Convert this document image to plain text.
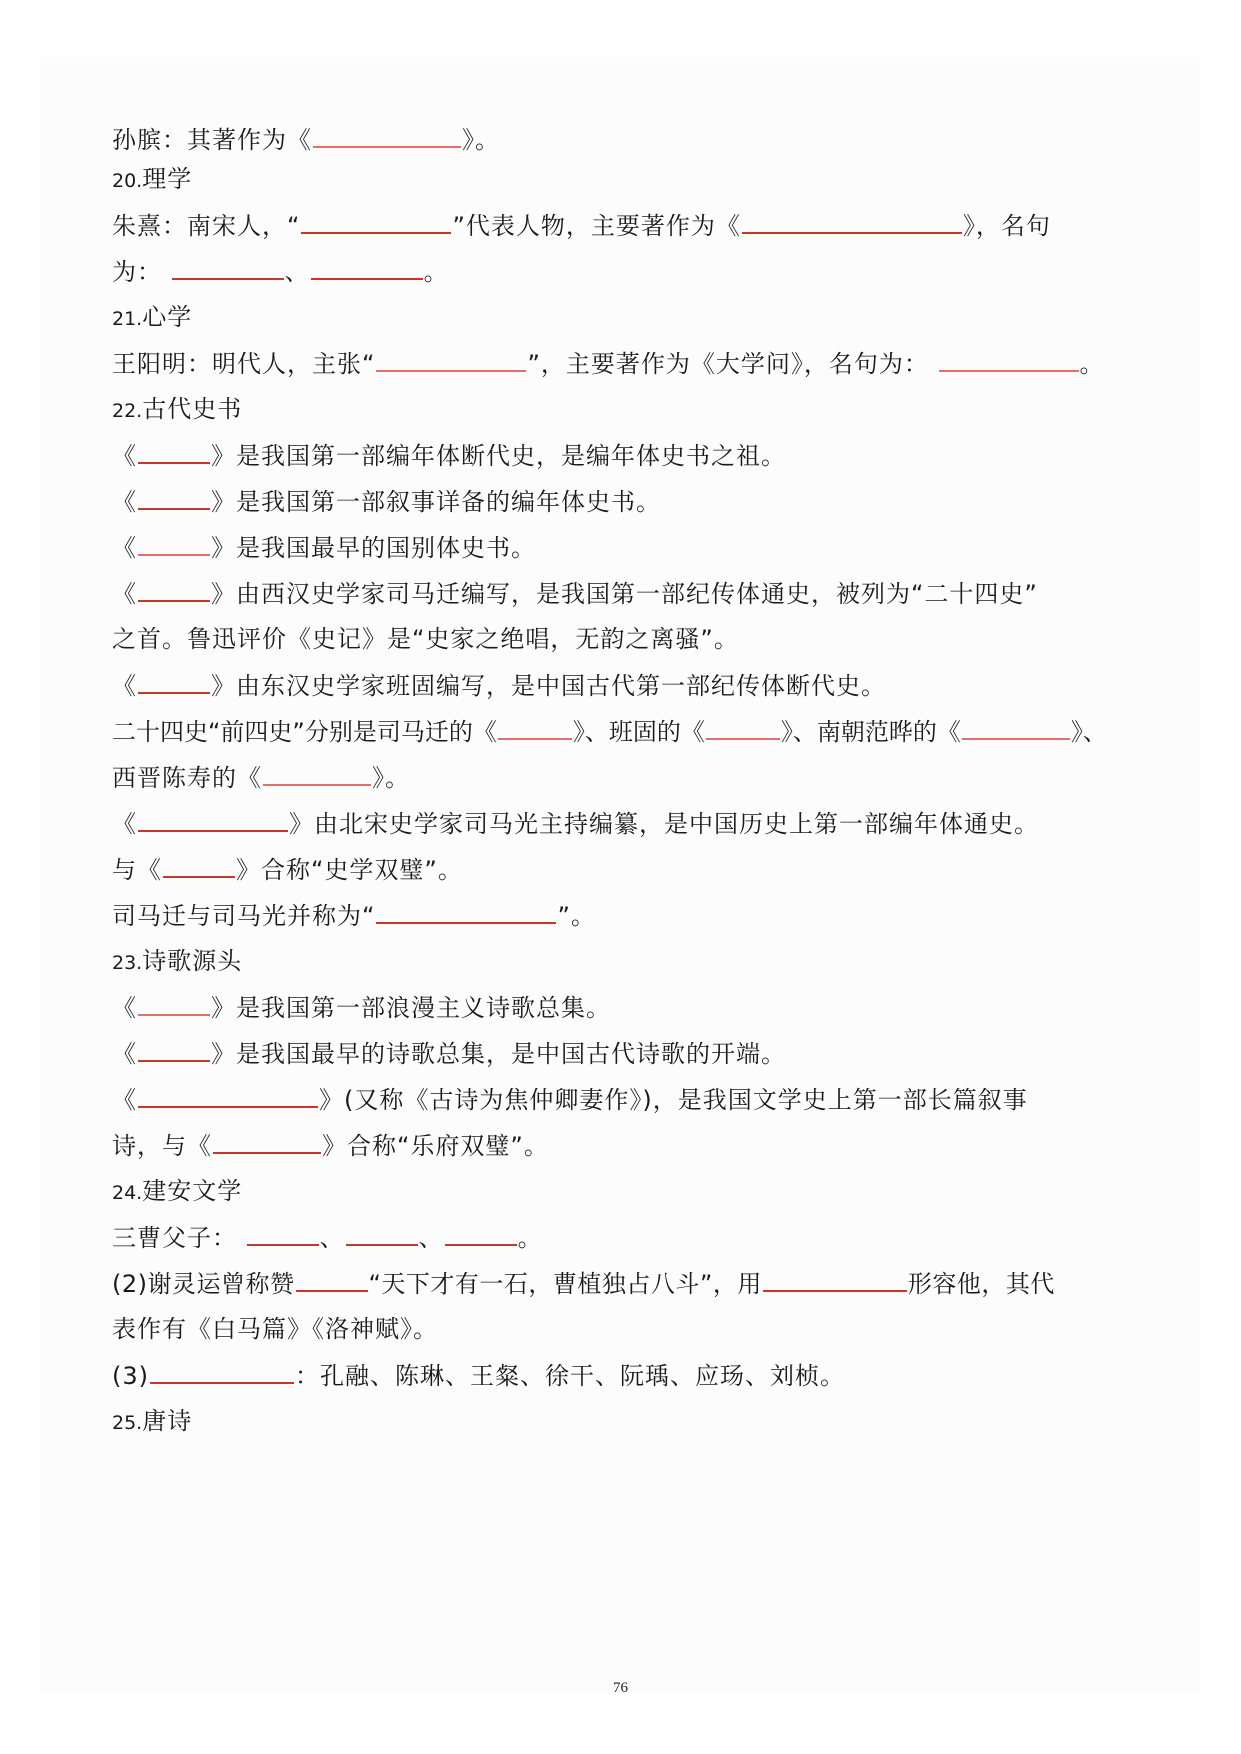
孙膑：其著作为《	》。
20.理学
朱熹：南宋人，“	”代表人物，主要著作为《	》，名句
为：	、	。
21.心学
王阳明：明代人，主张“	”，主要著作为《大学问》，名句为：	。
22.古代史书
《	》是我国第一部编年体断代史，是编年体史书之祖。
《	》是我国第一部叙事详备的编年体史书。
《	》是我国最早的国别体史书。
《	》由西汉史学家司马迁编写，是我国第一部纪传体通史，被列为“二十四史”
之首。鲁迅评价《史记》是“史家之绝唱，无韵之离骚”。
《	》由东汉史学家班固编写，是中国古代第一部纪传体断代史。
二十四史“前四史”分别是司马迁的《	》、班固的《	》、南朝范晔的《	》、
西晋陈寿的《	》。
《	》由北宋史学家司马光主持编纂，是中国历史上第一部编年体通史。
与《	》合称“史学双璧”。
司马迁与司马光并称为“	”。
23.诗歌源头
《	》是我国第一部浪漫主义诗歌总集。
《	》是我国最早的诗歌总集，是中国古代诗歌的开端。
《	》(又称《古诗为焦仲卿妻作》)，是我国文学史上第一部长篇叙事
诗，与《	》合称“乐府双璧”。
24.建安文学
三曹父子：	、	、	。
(2)谢灵运曾称赞	“天下才有一石，曹植独占八斗”，用	形容他，其代
表作有《白马篇》《洛神赋》。
(3)	：孔融、陈琳、王粲、徐干、阮瑀、应玚、刘桢。
25.唐诗
76
